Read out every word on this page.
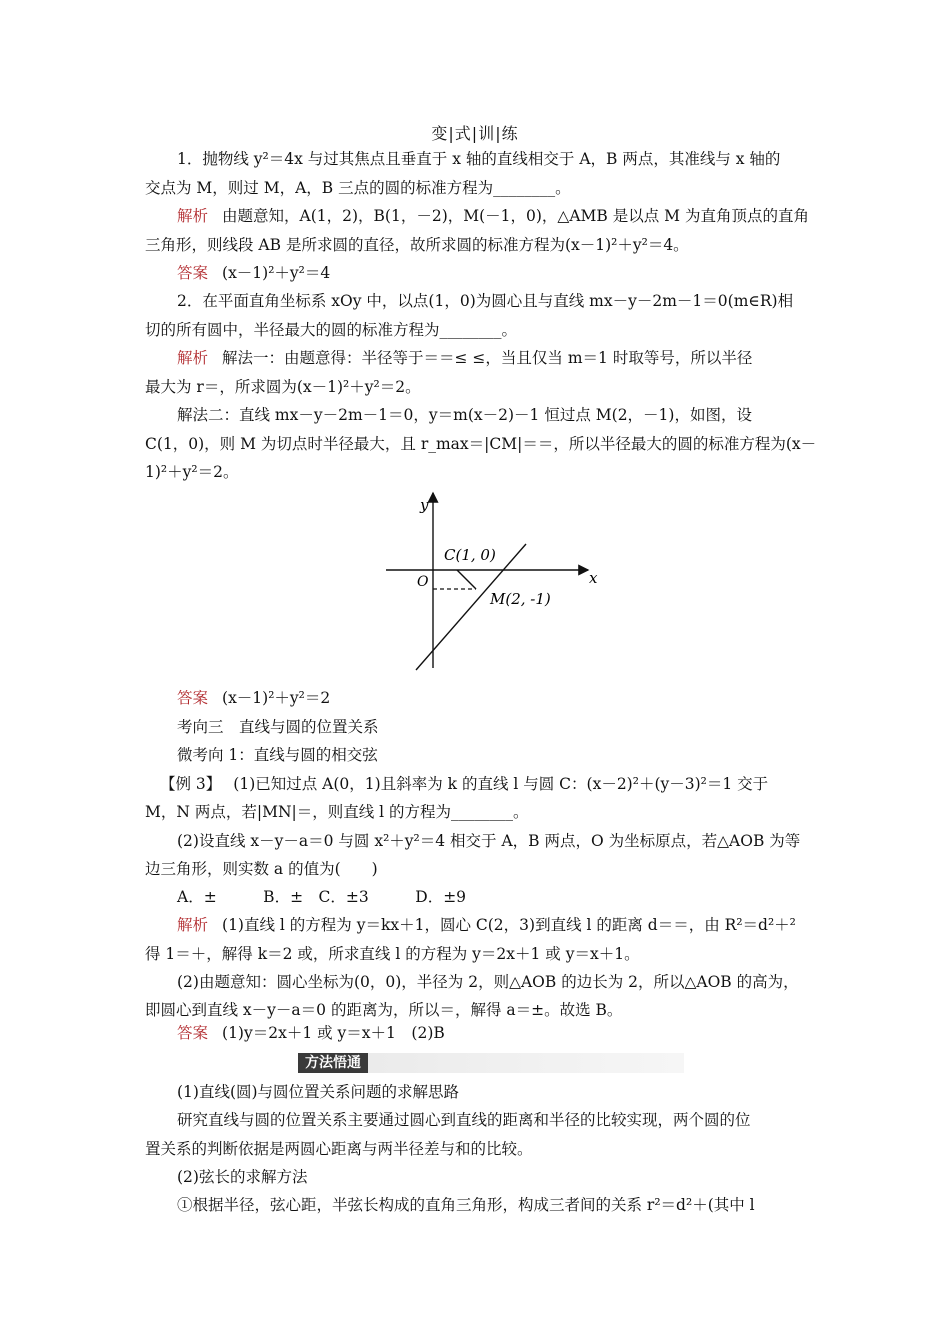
变|式|训|练
1．抛物线 y²＝4x 与过其焦点且垂直于 x 轴的直线相交于 A，B 两点，其准线与 x 轴的
交点为 M，则过 M，A，B 三点的圆的标准方程为________。
解析 由题意知，A(1，2)，B(1，－2)，M(－1，0)，△AMB 是以点 M 为直角顶点的直角
三角形，则线段 AB 是所求圆的直径，故所求圆的标准方程为(x－1)²＋y²＝4。
答案 (x－1)²＋y²＝4
2．在平面直角坐标系 xOy 中，以点(1，0)为圆心且与直线 mx－y－2m－1＝0(m∈R)相
切的所有圆中，半径最大的圆的标准方程为________。
解析 解法一：由题意得：半径等于＝＝≤ ≤，当且仅当 m＝1 时取等号，所以半径
最大为 r＝，所求圆为(x－1)²＋y²＝2。
解法二：直线 mx－y－2m－1＝0，y＝m(x－2)－1 恒过点 M(2，－1)，如图，设
C(1，0)，则 M 为切点时半径最大，且 r_max＝|CM|＝＝，所以半径最大的圆的标准方程为(x－
1)²＋y²＝2。
y
x
O
C(1, 0)
M(2, -1)
答案 (x－1)²＋y²＝2
考向三　直线与圆的位置关系
微考向 1：直线与圆的相交弦
【例 3】 (1)已知过点 A(0，1)且斜率为 k 的直线 l 与圆 C：(x－2)²＋(y－3)²＝1 交于
M，N 两点，若|MN|＝，则直线 l 的方程为________。
(2)设直线 x－y－a＝0 与圆 x²＋y²＝4 相交于 A，B 两点，O 为坐标原点，若△AOB 为等
边三角形，则实数 a 的值为(　　)
A．±　　　B．±　C．±3　　　D．±9
解析 (1)直线 l 的方程为 y＝kx＋1，圆心 C(2，3)到直线 l 的距离 d＝＝，由 R²＝d²＋²
得 1＝＋，解得 k＝2 或，所求直线 l 的方程为 y＝2x＋1 或 y＝x＋1。
(2)由题意知：圆心坐标为(0，0)，半径为 2，则△AOB 的边长为 2，所以△AOB 的高为，
即圆心到直线 x－y－a＝0 的距离为，所以＝，解得 a＝±。故选 B。
答案 (1)y＝2x＋1 或 y＝x＋1　(2)B
方法悟通
(1)直线(圆)与圆位置关系问题的求解思路
研究直线与圆的位置关系主要通过圆心到直线的距离和半径的比较实现，两个圆的位
置关系的判断依据是两圆心距离与两半径差与和的比较。
(2)弦长的求解方法
①根据半径，弦心距，半弦长构成的直角三角形，构成三者间的关系 r²＝d²＋(其中 l
